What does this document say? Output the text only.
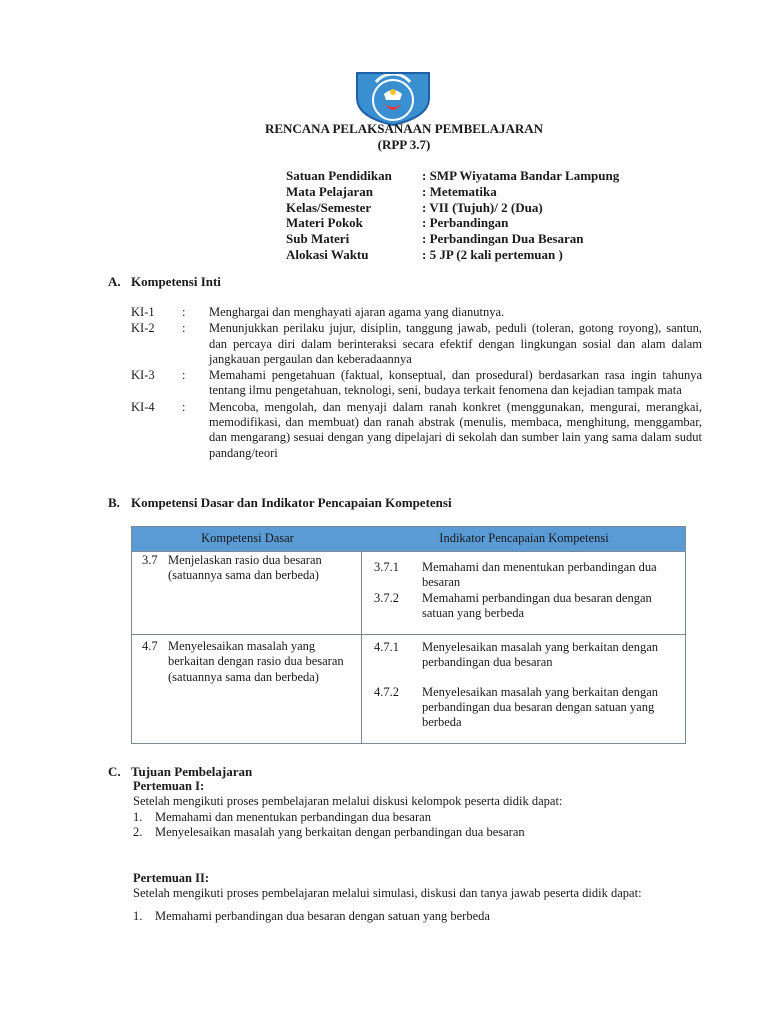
RENCANA PELAKSANAAN PEMBELAJARAN
(RPP 3.7)
Satuan Pendidikan	: SMP Wiyatama Bandar Lampung
Mata Pelajaran	: Metematika
Kelas/Semester	: VII (Tujuh)/ 2 (Dua)
Materi Pokok	: Perbandingan
Sub Materi	: Perbandingan Dua Besaran
Alokasi Waktu	: 5 JP (2 kali pertemuan )
A. Kompetensi Inti
KI-1	:	Menghargai dan menghayati ajaran agama yang dianutnya.
KI-2	:	Menunjukkan perilaku jujur, disiplin, tanggung jawab, peduli (toleran, gotong royong), santun, dan percaya diri dalam berinteraksi secara efektif dengan lingkungan sosial dan alam dalam jangkauan pergaulan dan keberadaannya
KI-3	:	Memahami pengetahuan (faktual, konseptual, dan prosedural) berdasarkan rasa ingin tahunya tentang ilmu pengetahuan, teknologi, seni, budaya terkait fenomena dan kejadian tampak mata
KI-4	:	Mencoba, mengolah, dan menyaji dalam ranah konkret (menggunakan, mengurai, merangkai, memodifikasi, dan membuat) dan ranah abstrak (menulis, membaca, menghitung, menggambar, dan mengarang) sesuai dengan yang dipelajari di sekolah dan sumber lain yang sama dalam sudut pandang/teori
B. Kompetensi Dasar dan Indikator Pencapaian Kompetensi
Kompetensi Dasar	Indikator Pencapaian Kompetensi
3.7 Menjelaskan rasio dua besaran (satuannya sama dan berbeda)
3.7.1	Memahami dan menentukan perbandingan dua besaran
3.7.2	Memahami perbandingan dua besaran dengan satuan yang berbeda
4.7 Menyelesaikan masalah yang berkaitan dengan rasio dua besaran (satuannya sama dan berbeda)
4.7.1	Menyelesaikan masalah yang berkaitan dengan perbandingan dua besaran
4.7.2	Menyelesaikan masalah yang berkaitan dengan perbandingan dua besaran dengan satuan yang berbeda
C. Tujuan Pembelajaran
Pertemuan I:
Setelah mengikuti proses pembelajaran melalui diskusi kelompok peserta didik dapat:
1.	Memahami dan menentukan perbandingan dua besaran
2.	Menyelesaikan masalah yang berkaitan dengan perbandingan dua besaran
Pertemuan II:
Setelah mengikuti proses pembelajaran melalui simulasi, diskusi dan tanya jawab peserta didik dapat:
1.	Memahami perbandingan dua besaran dengan satuan yang berbeda
